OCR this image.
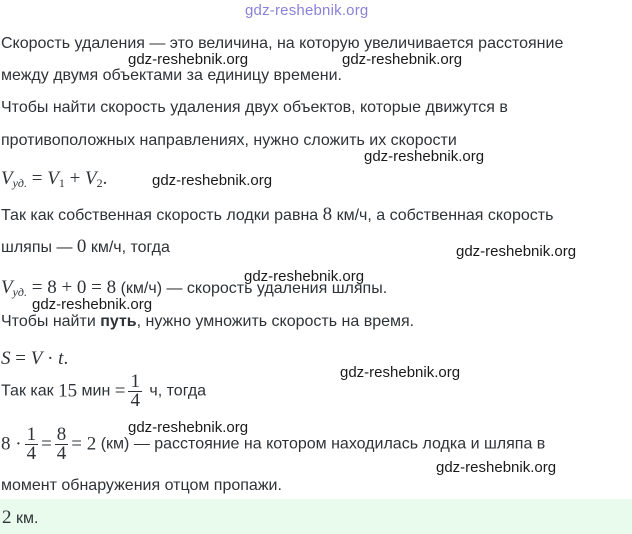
gdz-reshebnik.org
gdz-reshebnik.org	gdz-reshebnik.org
gdz-reshebnik.org
gdz-reshebnik.org
gdz-reshebnik.org
gdz-reshebnik.org
gdz-reshebnik.org
gdz-reshebnik.org
gdz-reshebnik.org
gdz-reshebnik.org
Скорость удаления — это величина, на которую увеличивается расстояние
между двумя объектами за единицу времени.
Чтобы найти скорость удаления двух объектов, которые движутся в
противоположных направлениях, нужно сложить их скорости
$V_{уд.} = V_1 + V_2$.
Так как собственная скорость лодки равна 8 км/ч, а собственная скорость
шляпы — 0 км/ч, тогда
$V_{уд.} = 8 + 0 = 8$ (км/ч) — скорость удаления шляпы.
Чтобы найти путь, нужно умножить скорость на время.
S = V · t.
Так как 15 мин = $\frac{1}{4} ч$, тогда
$8 \cdot \frac{1}{4} = \frac{8}{4} = 2$ (км) — расстояние на котором находилась лодка и шляпа в
момент обнаружения отцом пропажи.
2 км.
